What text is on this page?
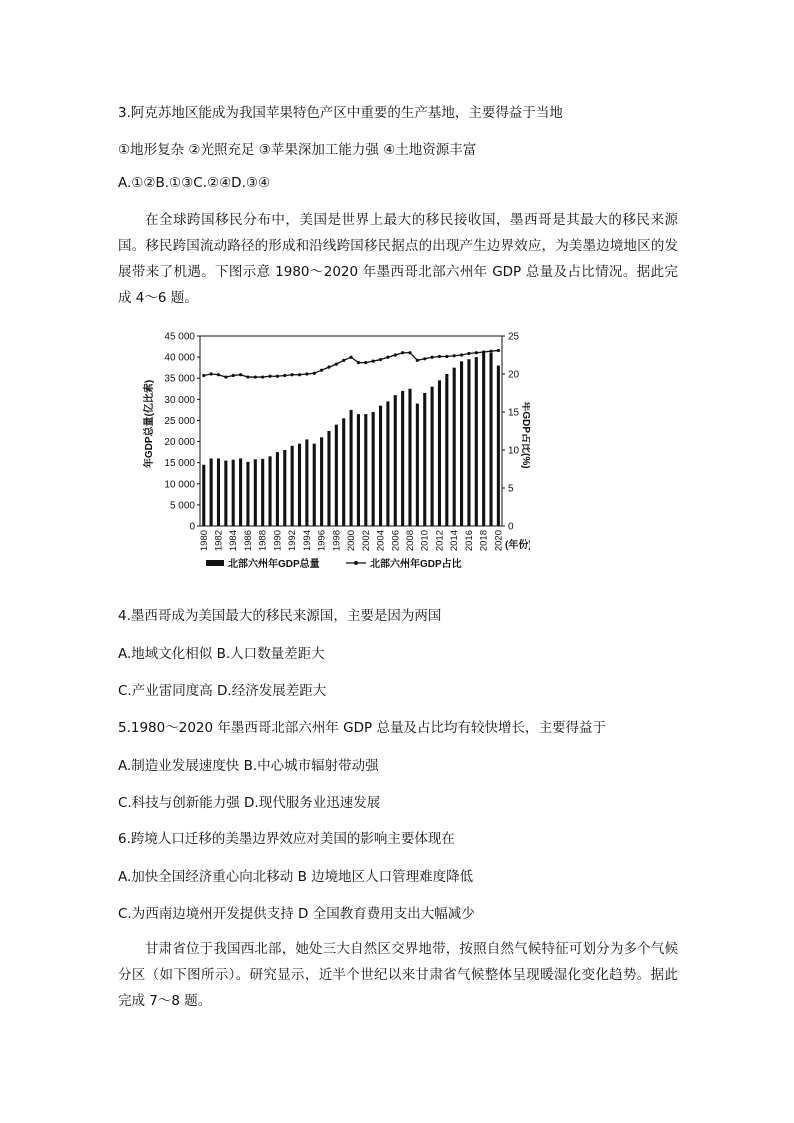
3.阿克苏地区能成为我国苹果特色产区中重要的生产基地，主要得益于当地
①地形复杂 ②光照充足 ③苹果深加工能力强 ④土地资源丰富
A.①②B.①③C.②④D.③④

在全球跨国移民分布中，美国是世界上最大的移民接收国，墨西哥是其最大的移民来源国。移民跨国流动路径的形成和沿线跨国移民据点的出现产生边界效应，为美墨边境地区的发展带来了机遇。下图示意 1980～2020 年墨西哥北部六州年 GDP 总量及占比情况。据此完成 4～6 题。

年GDP总量(亿比索)	年GDP占比(%)
(年份)
北部六州年GDP总量	北部六州年GDP占比
0
5 000
10 000
15 000
20 000
25 000
30 000
35 000
40 000
45 000
0
5
10
15
20
25
1980 1982 1984 1986 1988 1990 1992 1994 1996 1998 2000 2002 2004 2006 2008 2010 2012 2014 2016 2018 2020
4.墨西哥成为美国最大的移民来源国，主要是因为两国
A.地域文化相似 B.人口数量差距大
C.产业雷同度高 D.经济发展差距大
5.1980～2020 年墨西哥北部六州年 GDP 总量及占比均有较快增长，主要得益于
A.制造业发展速度快 B.中心城市辐射带动强
C.科技与创新能力强 D.现代服务业迅速发展
6.跨境人口迁移的美墨边界效应对美国的影响主要体现在
A.加快全国经济重心向北移动 B 边境地区人口管理难度降低
C.为西南边境州开发提供支持 D 全国教育费用支出大幅减少

甘肃省位于我国西北部，她处三大自然区交界地带，按照自然气候特征可划分为多个气候分区（如下图所示）。研究显示，近半个世纪以来甘肃省气候整体呈现暖湿化变化趋势。据此完成 7～8 题。
